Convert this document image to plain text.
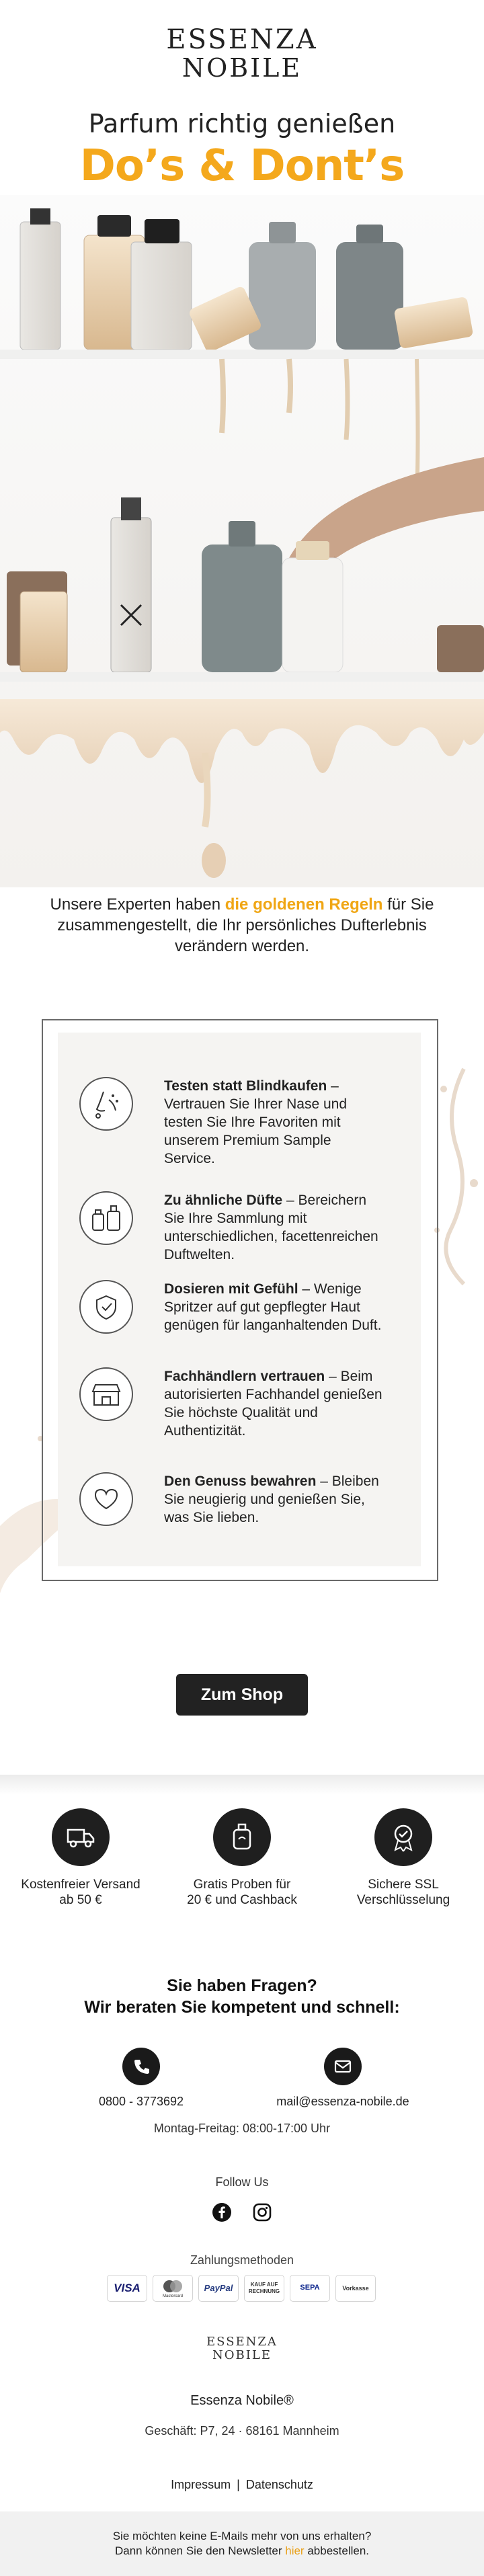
ESSENZA
NOBILE
Parfum richtig genießen
Do’s & Dont’s
Unsere Experten haben die goldenen Regeln für Sie zusammengestellt, die Ihr persönliches Dufterlebnis verändern werden.
Testen statt Blindkaufen – Vertrauen Sie Ihrer Nase und testen Sie Ihre Favoriten mit unserem Premium Sample Service.
Zu ähnliche Düfte – Bereichern Sie Ihre Sammlung mit unterschiedlichen, facettenreichen Duftwelten.
Dosieren mit Gefühl – Wenige Spritzer auf gut gepflegter Haut genügen für langanhaltenden Duft.
Fachhändlern vertrauen – Beim autorisierten Fachhandel genießen Sie höchste Qualität und Authentizität.
Den Genuss bewahren – Bleiben Sie neugierig und genießen Sie, was Sie lieben.
Zum Shop
Kostenfreier Versand
ab 50 €
Gratis Proben für
20 € und Cashback
Sichere SSL
Verschlüsselung
Sie haben Fragen?
Wir beraten Sie kompetent und schnell:
0800 - 3773692	mail@essenza-nobile.de
Montag-Freitag: 08:00-17:00 Uhr
Follow Us
Zahlungsmethoden
VISA
Mastercard
PayPal	KAUF AUF RECHNUNG	SEPA	Vorkasse
ESSENZA
NOBILE
Essenza Nobile®
Geschäft: P7, 24 · 68161 Mannheim
Impressum | Datenschutz
Sie möchten keine E-Mails mehr von uns erhalten?
Dann können Sie den Newsletter hier abbestellen.
